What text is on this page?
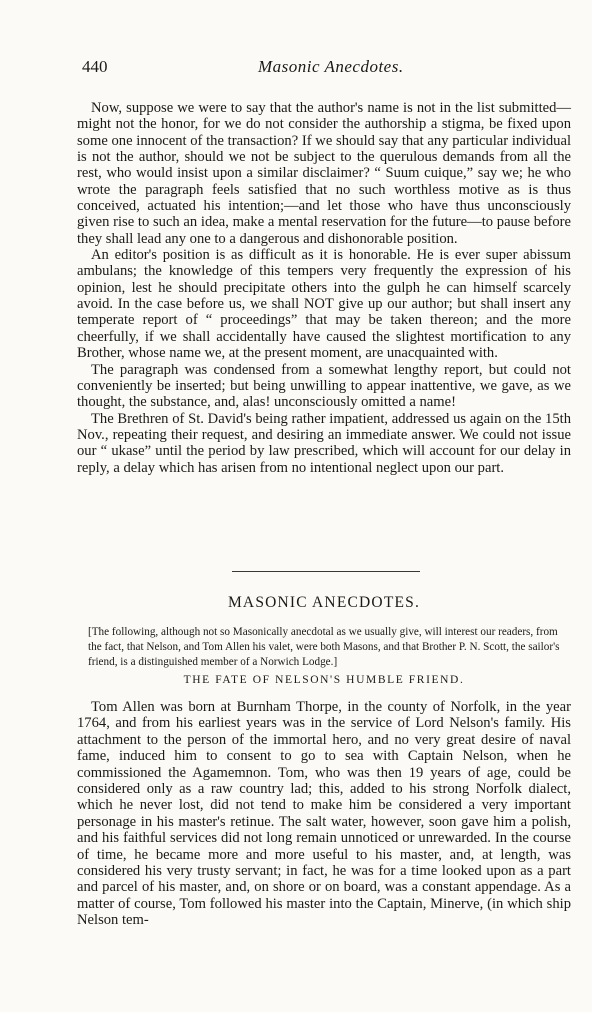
440	Masonic Anecdotes.

Now, suppose we were to say that the author's name is not in the list submitted—might not the honor, for we do not consider the authorship a stigma, be fixed upon some one innocent of the transaction? If we should say that any particular individual is not the author, should we not be subject to the querulous demands from all the rest, who would insist upon a similar disclaimer? “ Suum cuique,” say we; he who wrote the paragraph feels satisfied that no such worthless motive as is thus conceived, actuated his intention;—and let those who have thus unconsciously given rise to such an idea, make a mental reservation for the future—to pause before they shall lead any one to a dangerous and dishonorable position.

An editor's position is as difficult as it is honorable. He is ever super abissum ambulans; the knowledge of this tempers very frequently the expression of his opinion, lest he should precipitate others into the gulph he can himself scarcely avoid. In the case before us, we shall NOT give up our author; but shall insert any temperate report of “ proceedings” that may be taken thereon; and the more cheerfully, if we shall accidentally have caused the slightest mortification to any Brother, whose name we, at the present moment, are unacquainted with.

The paragraph was condensed from a somewhat lengthy report, but could not conveniently be inserted; but being unwilling to appear inattentive, we gave, as we thought, the substance, and, alas! unconsciously omitted a name!

The Brethren of St. David's being rather impatient, addressed us again on the 15th Nov., repeating their request, and desiring an immediate answer. We could not issue our “ ukase” until the period by law prescribed, which will account for our delay in reply, a delay which has arisen from no intentional neglect upon our part.

MASONIC ANECDOTES.
[The following, although not so Masonically anecdotal as we usually give, will interest our readers, from the fact, that Nelson, and Tom Allen his valet, were both Masons, and that Brother P. N. Scott, the sailor's friend, is a distinguished member of a Norwich Lodge.]
THE FATE OF NELSON'S HUMBLE FRIEND.

Tom Allen was born at Burnham Thorpe, in the county of Norfolk, in the year 1764, and from his earliest years was in the service of Lord Nelson's family. His attachment to the person of the immortal hero, and no very great desire of naval fame, induced him to consent to go to sea with Captain Nelson, when he commissioned the Agamemnon. Tom, who was then 19 years of age, could be considered only as a raw country lad; this, added to his strong Norfolk dialect, which he never lost, did not tend to make him be considered a very important personage in his master's retinue. The salt water, however, soon gave him a polish, and his faithful services did not long remain unnoticed or unrewarded. In the course of time, he became more and more useful to his master, and, at length, was considered his very trusty servant; in fact, he was for a time looked upon as a part and parcel of his master, and, on shore or on board, was a constant appendage. As a matter of course, Tom followed his master into the Captain, Minerve, (in which ship Nelson tem-
